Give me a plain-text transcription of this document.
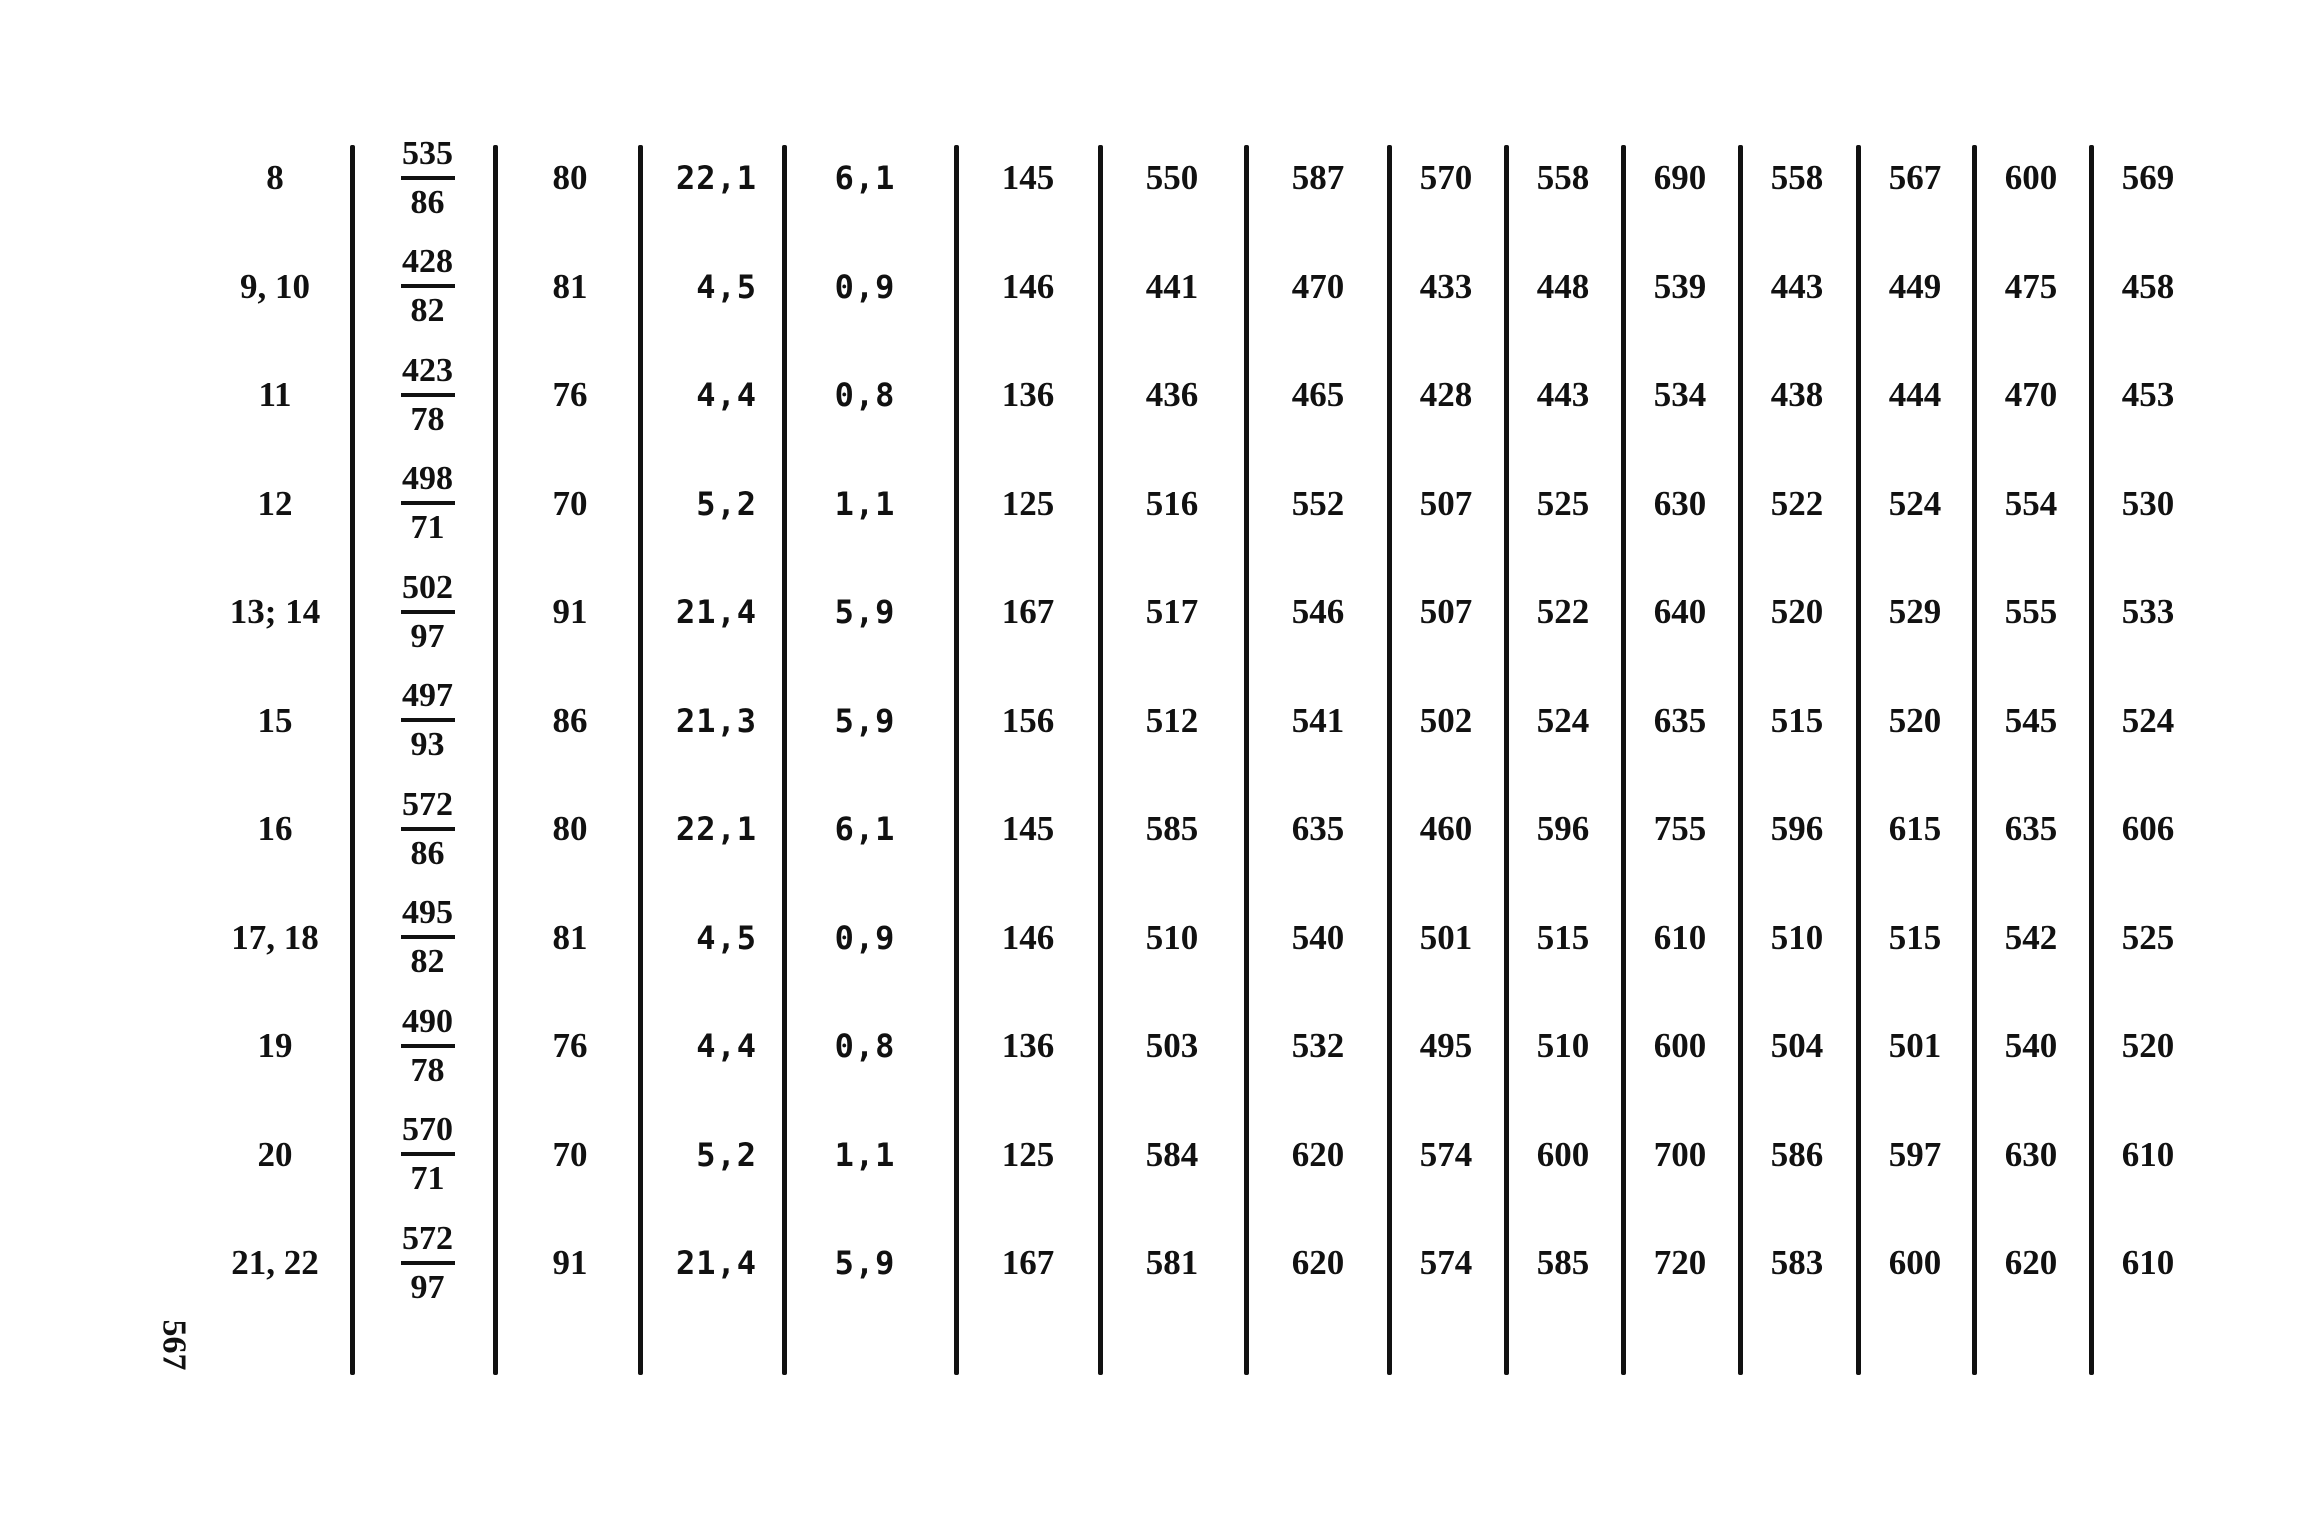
567
8	$\frac{535}{86}$	80	22,1	6,1	145	550	587	570	558	690	558	567	600	569
9, 10	$\frac{428}{82}$	81	4,5	0,9	146	441	470	433	448	539	443	449	475	458
11	$\frac{423}{78}$	76	4,4	0,8	136	436	465	428	443	534	438	444	470	453
12	$\frac{498}{71}$	70	5,2	1,1	125	516	552	507	525	630	522	524	554	530
13; 14	$\frac{502}{97}$	91	21,4	5,9	167	517	546	507	522	640	520	529	555	533
15	$\frac{497}{93}$	86	21,3	5,9	156	512	541	502	524	635	515	520	545	524
16	$\frac{572}{86}$	80	22,1	6,1	145	585	635	460	596	755	596	615	635	606
17, 18	$\frac{495}{82}$	81	4,5	0,9	146	510	540	501	515	610	510	515	542	525
19	$\frac{490}{78}$	76	4,4	0,8	136	503	532	495	510	600	504	501	540	520
20	$\frac{570}{71}$	70	5,2	1,1	125	584	620	574	600	700	586	597	630	610
21, 22	$\frac{572}{97}$	91	21,4	5,9	167	581	620	574	585	720	583	600	620	610
